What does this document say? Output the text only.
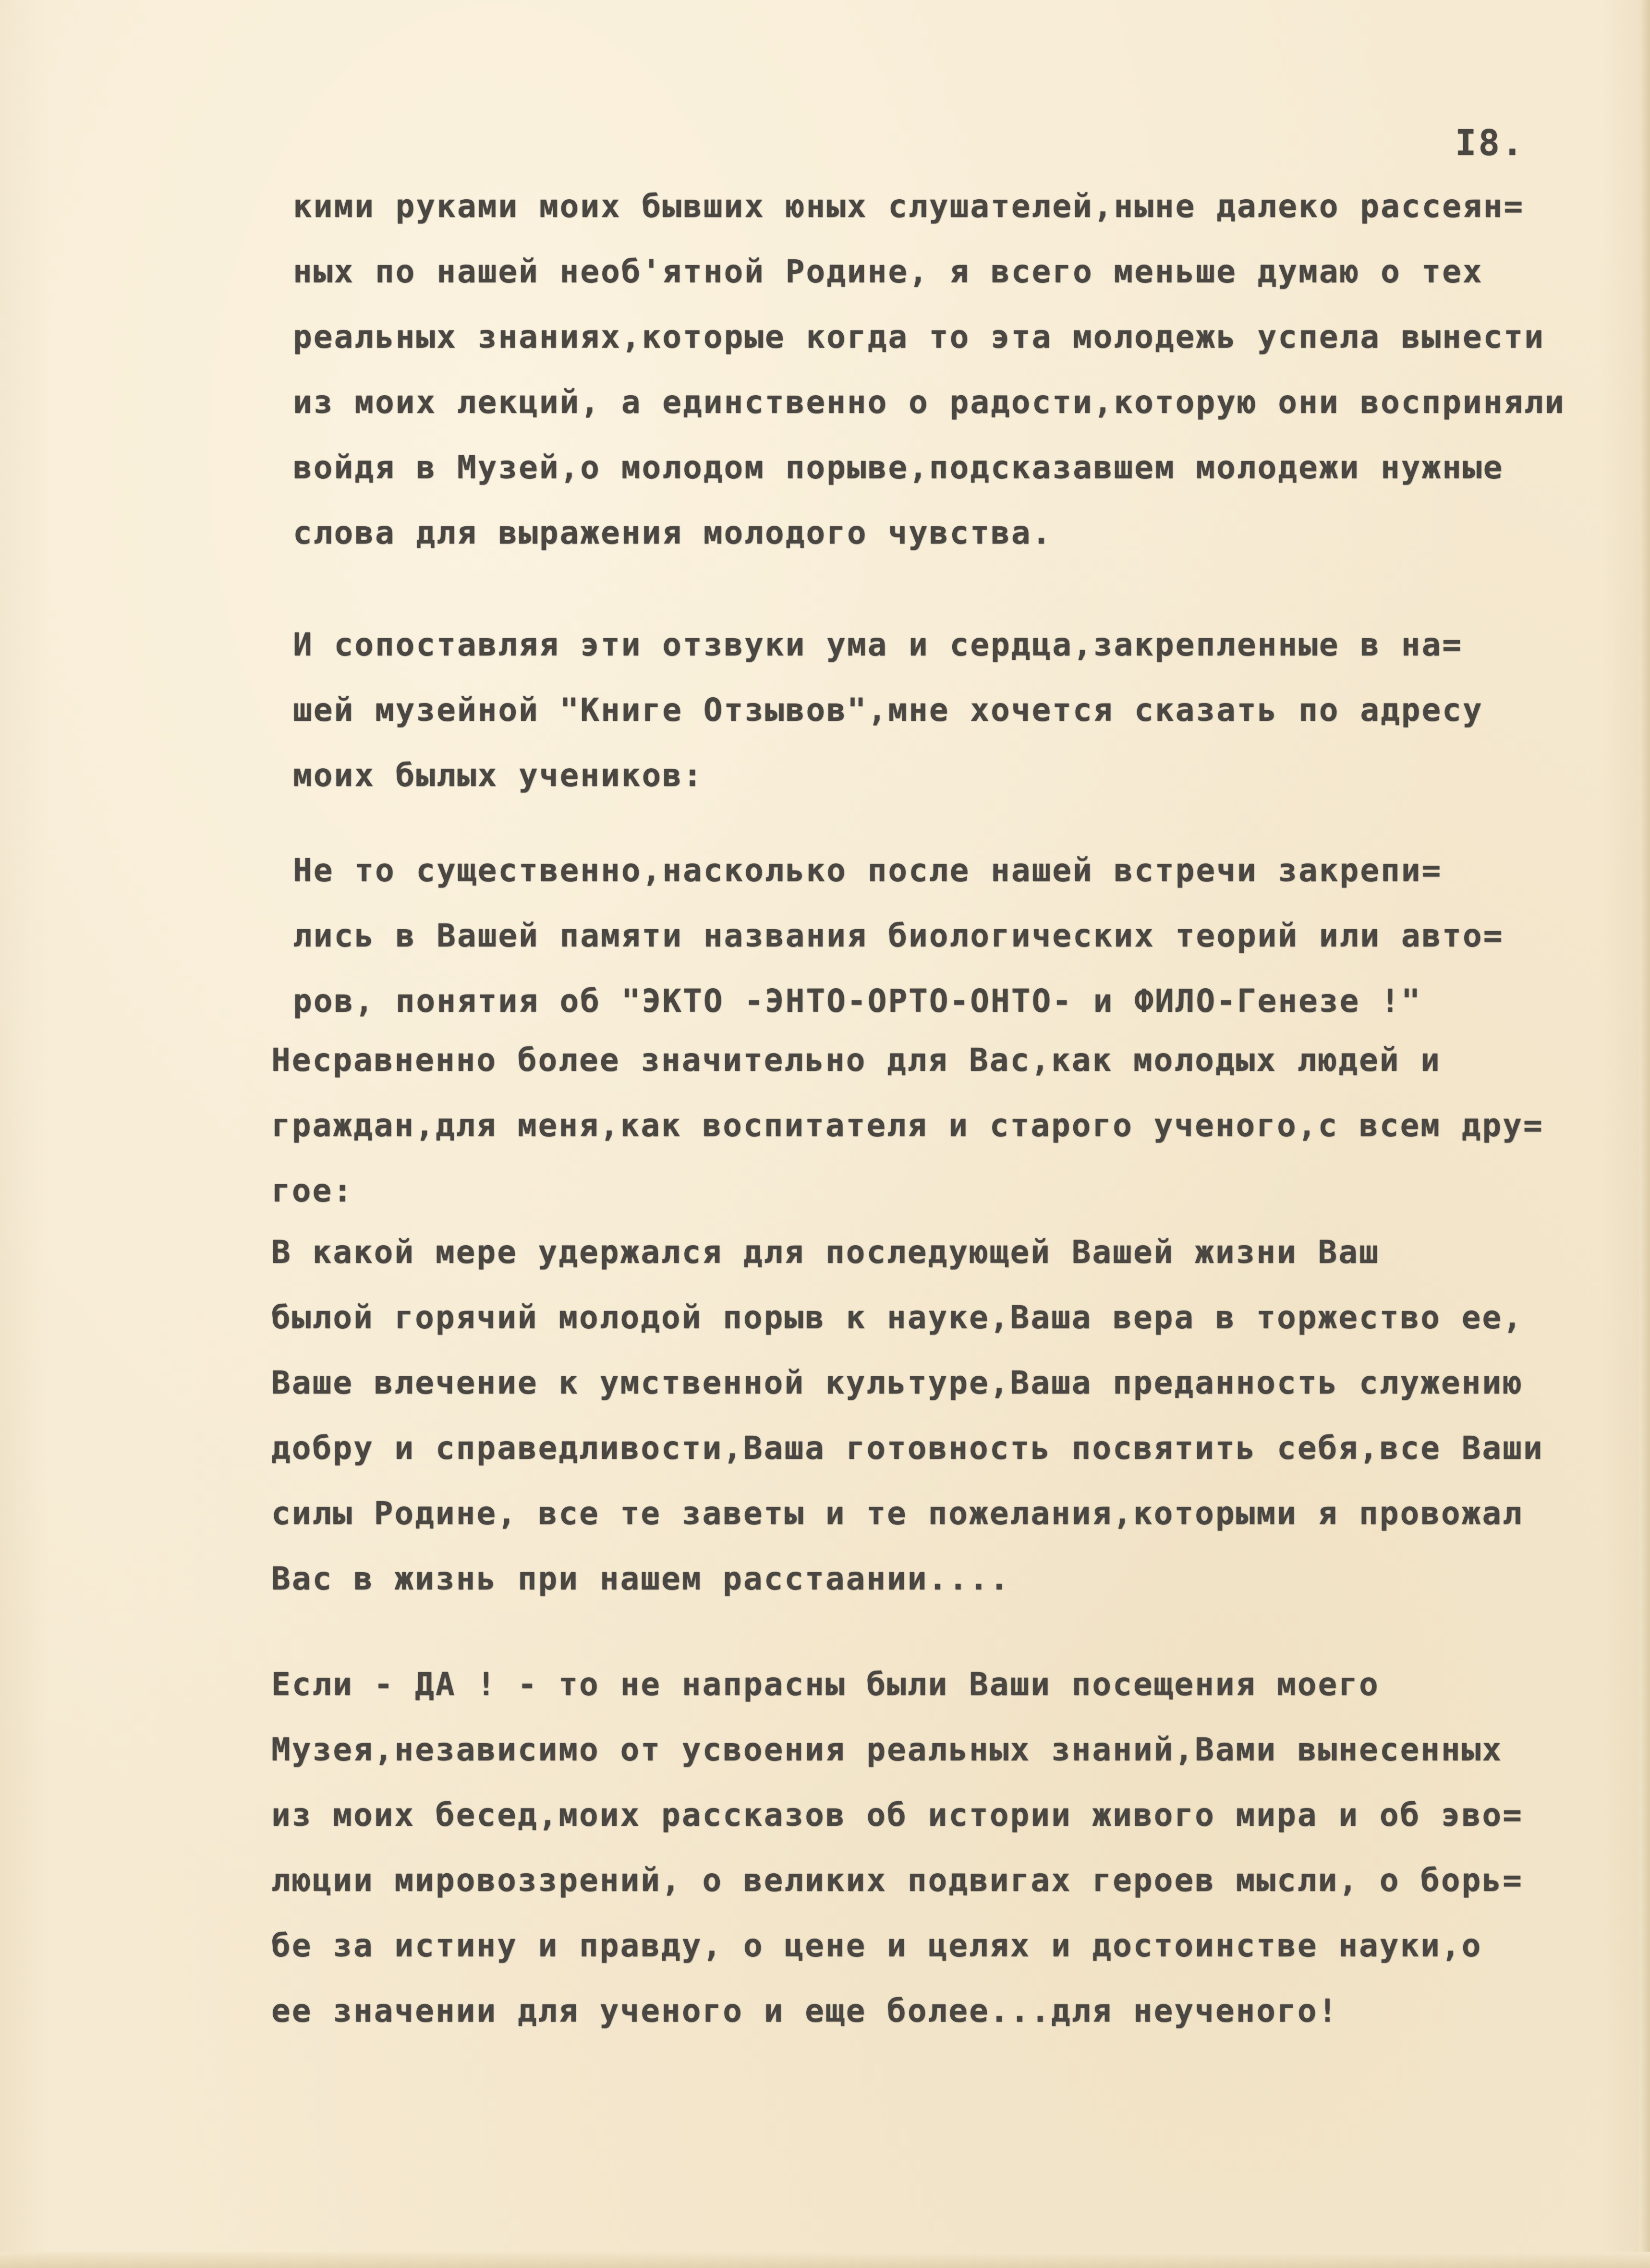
I8.

кими руками моих бывших юных слушателей,ныне далеко рассеян=
ных по нашей необ'ятной Родине, я всего меньше думаю о тех
реальных знаниях,которые когда то эта молодежь успела вынести
из моих лекций, а единственно о радости,которую они восприняли
войдя в Музей,о молодом порыве,подсказавшем молодежи нужные
слова для выражения молодого чувства.

И сопоставляя эти отзвуки ума и сердца,закрепленные в на=
шей музейной "Книге Отзывов",мне хочется сказать по адресу
моих былых учеников:

Не то существенно,насколько после нашей встречи закрепи=
лись в Вашей памяти названия биологических теорий или авто=
ров, понятия об "ЭКТО -ЭНТО-ОРТО-ОНТО- и ФИЛО-Генезе !"

Несравненно более значительно для Вас,как молодых людей и
граждан,для меня,как воспитателя и старого ученого,с всем дру=
гое:

В какой мере удержался для последующей Вашей жизни Ваш
былой горячий молодой порыв к науке,Ваша вера в торжество ее,
Ваше влечение к умственной культуре,Ваша преданность служению
добру и справедливости,Ваша готовность посвятить себя,все Ваши
силы Родине, все те заветы и те пожелания,которыми я провожал
Вас в жизнь при нашем расстаании....

Если - ДА ! - то не напрасны были Ваши посещения моего
Музея,независимо от усвоения реальных знаний,Вами вынесенных
из моих бесед,моих рассказов об истории живого мира и об эво=
люции мировоззрений, о великих подвигах героев мысли, о борь=
бе за истину и правду, о цене и целях и достоинстве науки,о
ее значении для ученого и еще более...для неученого!
